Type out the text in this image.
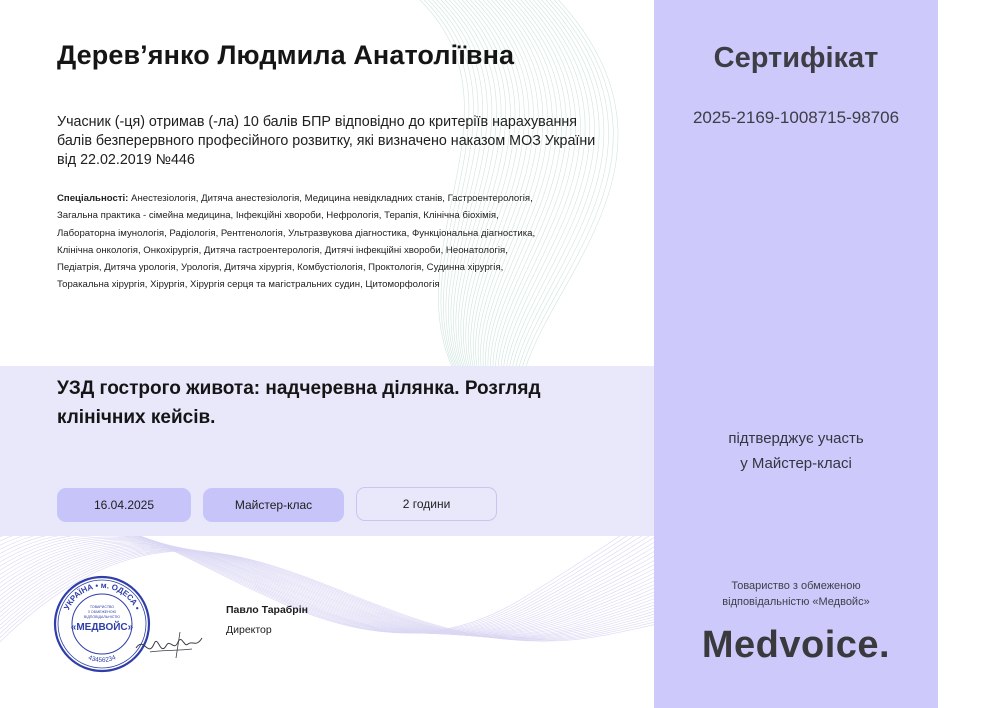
Дерев’янко Людмила Анатоліївна

Учасник (-ця) отримав (-ла) 10 балів БПР відповідно до критеріїв нарахування
балів безперервного професійного розвитку, які визначено наказом МОЗ України
від 22.02.2019 №446

Спеціальності: Анестезіологія, Дитяча анестезіологія, Медицина невідкладних станів, Гастроентерологія,
Загальна практика - сімейна медицина, Інфекційні хвороби, Нефрологія, Терапія, Клінічна біохімія,
Лабораторна імунологія, Радіологія, Рентгенологія, Ультразвукова діагностика, Функціональна діагностика,
Клінічна онкологія, Онкохірургія, Дитяча гастроентерологія, Дитячі інфекційні хвороби, Неонатологія,
Педіатрія, Дитяча урологія, Урологія, Дитяча хірургія, Комбустіологія, Проктологія, Судинна хірургія,
Торакальна хірургія, Хірургія, Хірургія серця та магістральних судин, Цитоморфологія

УЗД гострого живота: надчеревна ділянка. Розгляд
клінічних кейсів.

16.04.2025	Майстер-клас	2 години
УКРАЇНА • м. ОДЕСА •
43456234
ТОВАРИСТВО
З ОБМЕЖЕНОЮ
ВІДПОВІДАЛЬНІСТЮ
«МЕДВОЙС»
Павло Тарабрін
Директор
Сертифікат
2025-2169-1008715-98706
підтверджує участь
у Майстер-класі
Товариство з обмеженою
відповідальністю «Медвойс»
Medvoice.
